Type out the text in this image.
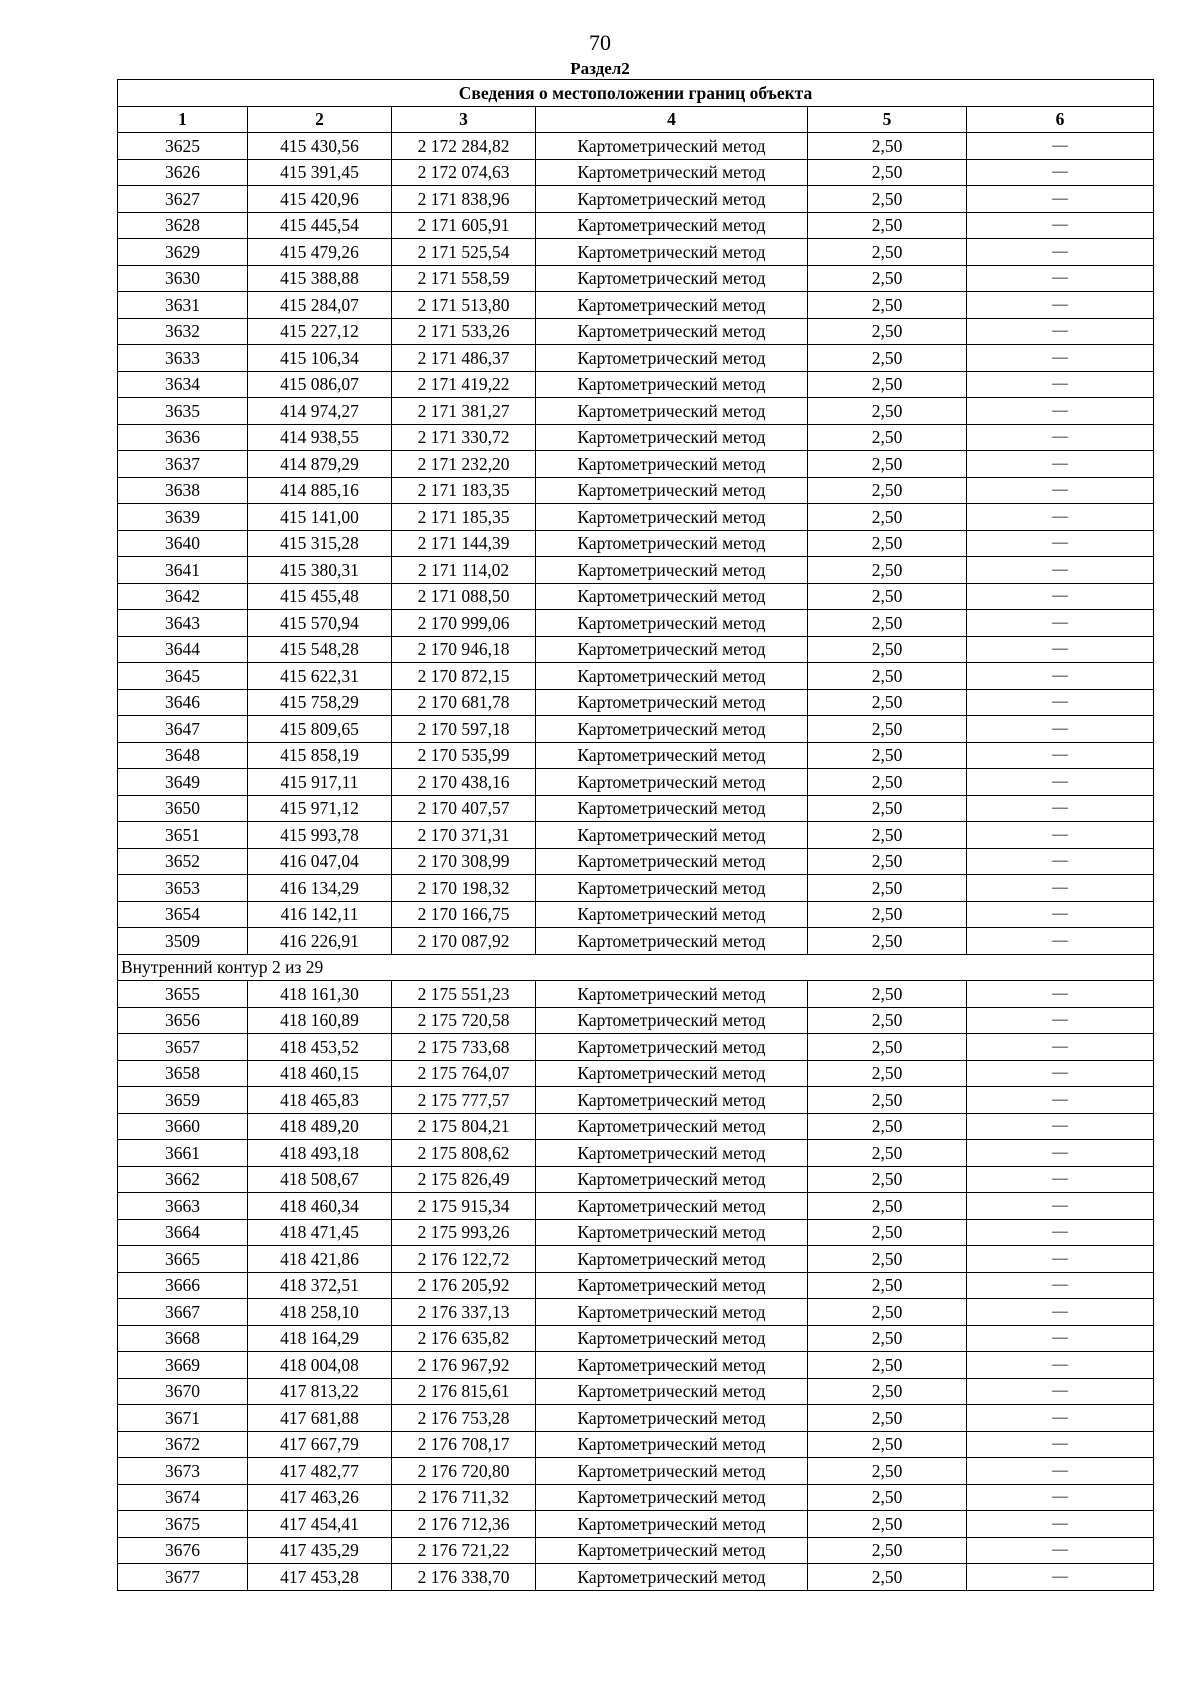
70
Раздел2
Сведения о местоположении границ объекта					
1	2	3	4	5	6
3625	415 430,56	2 172 284,82	Картометрический метод	2,50	—
3626	415 391,45	2 172 074,63	Картометрический метод	2,50	—
3627	415 420,96	2 171 838,96	Картометрический метод	2,50	—
3628	415 445,54	2 171 605,91	Картометрический метод	2,50	—
3629	415 479,26	2 171 525,54	Картометрический метод	2,50	—
3630	415 388,88	2 171 558,59	Картометрический метод	2,50	—
3631	415 284,07	2 171 513,80	Картометрический метод	2,50	—
3632	415 227,12	2 171 533,26	Картометрический метод	2,50	—
3633	415 106,34	2 171 486,37	Картометрический метод	2,50	—
3634	415 086,07	2 171 419,22	Картометрический метод	2,50	—
3635	414 974,27	2 171 381,27	Картометрический метод	2,50	—
3636	414 938,55	2 171 330,72	Картометрический метод	2,50	—
3637	414 879,29	2 171 232,20	Картометрический метод	2,50	—
3638	414 885,16	2 171 183,35	Картометрический метод	2,50	—
3639	415 141,00	2 171 185,35	Картометрический метод	2,50	—
3640	415 315,28	2 171 144,39	Картометрический метод	2,50	—
3641	415 380,31	2 171 114,02	Картометрический метод	2,50	—
3642	415 455,48	2 171 088,50	Картометрический метод	2,50	—
3643	415 570,94	2 170 999,06	Картометрический метод	2,50	—
3644	415 548,28	2 170 946,18	Картометрический метод	2,50	—
3645	415 622,31	2 170 872,15	Картометрический метод	2,50	—
3646	415 758,29	2 170 681,78	Картометрический метод	2,50	—
3647	415 809,65	2 170 597,18	Картометрический метод	2,50	—
3648	415 858,19	2 170 535,99	Картометрический метод	2,50	—
3649	415 917,11	2 170 438,16	Картометрический метод	2,50	—
3650	415 971,12	2 170 407,57	Картометрический метод	2,50	—
3651	415 993,78	2 170 371,31	Картометрический метод	2,50	—
3652	416 047,04	2 170 308,99	Картометрический метод	2,50	—
3653	416 134,29	2 170 198,32	Картометрический метод	2,50	—
3654	416 142,11	2 170 166,75	Картометрический метод	2,50	—
3509	416 226,91	2 170 087,92	Картометрический метод	2,50	—
Внутренний контур 2 из 29					
3655	418 161,30	2 175 551,23	Картометрический метод	2,50	—
3656	418 160,89	2 175 720,58	Картометрический метод	2,50	—
3657	418 453,52	2 175 733,68	Картометрический метод	2,50	—
3658	418 460,15	2 175 764,07	Картометрический метод	2,50	—
3659	418 465,83	2 175 777,57	Картометрический метод	2,50	—
3660	418 489,20	2 175 804,21	Картометрический метод	2,50	—
3661	418 493,18	2 175 808,62	Картометрический метод	2,50	—
3662	418 508,67	2 175 826,49	Картометрический метод	2,50	—
3663	418 460,34	2 175 915,34	Картометрический метод	2,50	—
3664	418 471,45	2 175 993,26	Картометрический метод	2,50	—
3665	418 421,86	2 176 122,72	Картометрический метод	2,50	—
3666	418 372,51	2 176 205,92	Картометрический метод	2,50	—
3667	418 258,10	2 176 337,13	Картометрический метод	2,50	—
3668	418 164,29	2 176 635,82	Картометрический метод	2,50	—
3669	418 004,08	2 176 967,92	Картометрический метод	2,50	—
3670	417 813,22	2 176 815,61	Картометрический метод	2,50	—
3671	417 681,88	2 176 753,28	Картометрический метод	2,50	—
3672	417 667,79	2 176 708,17	Картометрический метод	2,50	—
3673	417 482,77	2 176 720,80	Картометрический метод	2,50	—
3674	417 463,26	2 176 711,32	Картометрический метод	2,50	—
3675	417 454,41	2 176 712,36	Картометрический метод	2,50	—
3676	417 435,29	2 176 721,22	Картометрический метод	2,50	—
3677	417 453,28	2 176 338,70	Картометрический метод	2,50	—
